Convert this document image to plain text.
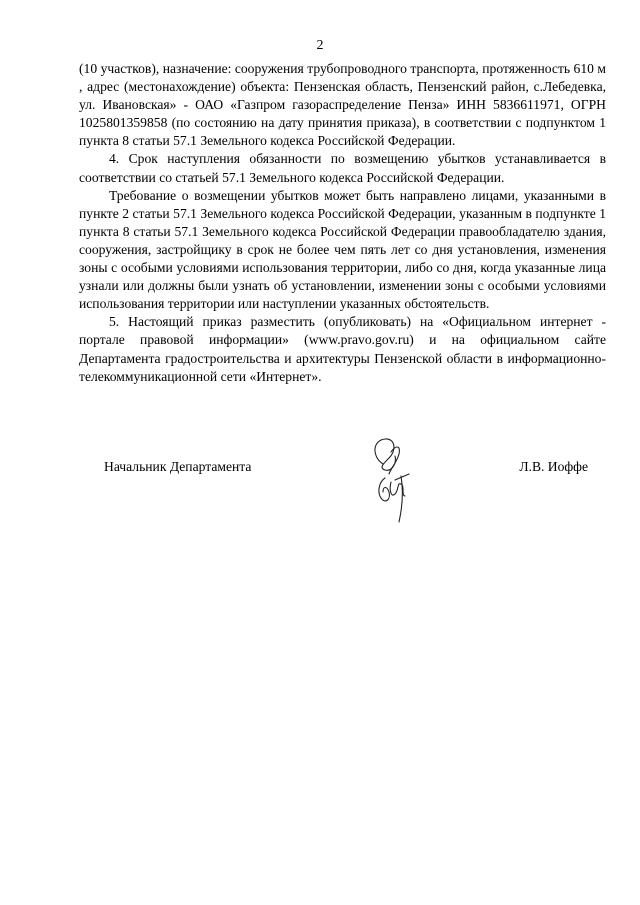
2

(10 участков), назначение: сооружения трубопроводного транспорта, протяженность 610 м , адрес (местонахождение) объекта: Пензенская область, Пензенский район, с.Лебедевка, ул. Ивановская» - ОАО «Газпром газораспределение Пенза» ИНН 5836611971, ОГРН 1025801359858 (по состоянию на дату принятия приказа), в соответствии с подпунктом 1 пункта 8 статьи 57.1 Земельного кодекса Российской Федерации.

4. Срок наступления обязанности по возмещению убытков устанавливается в соответствии со статьей 57.1 Земельного кодекса Российской Федерации.

Требование о возмещении убытков может быть направлено лицами, указанными в пункте 2 статьи 57.1 Земельного кодекса Российской Федерации, указанным в подпункте 1 пункта 8 статьи 57.1 Земельного кодекса Российской Федерации правообладателю здания, сооружения, застройщику в срок не более чем пять лет со дня установления, изменения зоны с особыми условиями использования территории, либо со дня, когда указанные лица узнали или должны были узнать об установлении, изменении зоны с особыми условиями использования территории или наступлении указанных обстоятельств.

5. Настоящий приказ разместить (опубликовать) на «Официальном интернет - портале правовой информации» (www.pravo.gov.ru) и на официальном сайте Департамента градостроительства и архитектуры Пензенской области в информационно-телекоммуникационной сети «Интернет».

Начальник Департамента	Л.В. Иоффе
